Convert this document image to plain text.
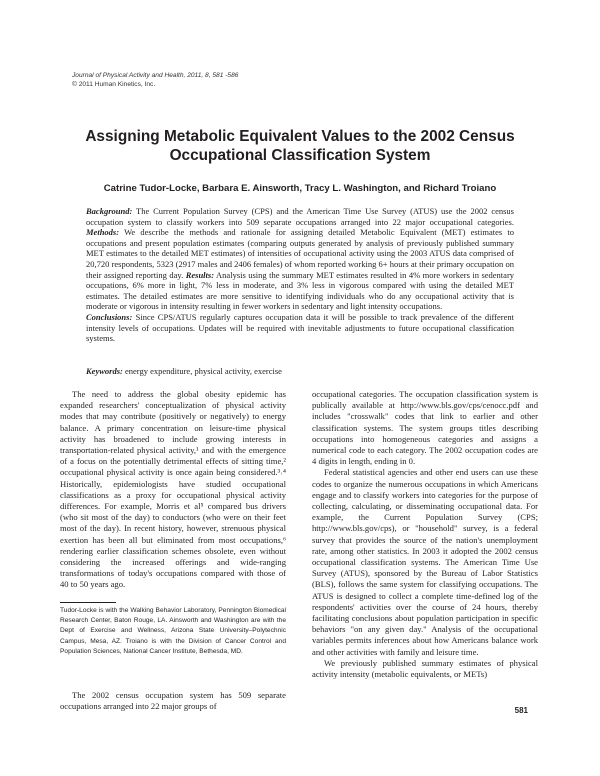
Journal of Physical Activity and Health, 2011, 8, 581 -586
© 2011 Human Kinetics, Inc.
Assigning Metabolic Equivalent Values to the 2002 Census Occupational Classification System
Catrine Tudor-Locke, Barbara E. Ainsworth, Tracy L. Washington, and Richard Troiano

Background: The Current Population Survey (CPS) and the American Time Use Survey (ATUS) use the 2002 census occupation system to classify workers into 509 separate occupations arranged into 22 major occupational categories. Methods: We describe the methods and rationale for assigning detailed Metabolic Equivalent (MET) estimates to occupations and present population estimates (comparing outputs generated by analysis of previously published summary MET estimates to the detailed MET estimates) of intensities of occupational activity using the 2003 ATUS data comprised of 20,720 respondents, 5323 (2917 males and 2406 females) of whom reported working 6+ hours at their primary occupation on their assigned reporting day. Results: Analysis using the summary MET estimates resulted in 4% more workers in sedentary occupations, 6% more in light, 7% less in moderate, and 3% less in vigorous compared with using the detailed MET estimates. The detailed estimates are more sensitive to identifying individuals who do any occupational activity that is moderate or vigorous in intensity resulting in fewer workers in sedentary and light intensity occupations.
Conclusions: Since CPS/ATUS regularly captures occupation data it will be possible to track prevalence of the different intensity levels of occupations. Updates will be required with inevitable adjustments to future occupational classification systems.

Keywords: energy expenditure, physical activity, exercise

The need to address the global obesity epidemic has expanded researchers' conceptualization of physical activity modes that may contribute (positively or negatively) to energy balance. A primary concentration on leisure-time physical activity has broadened to include growing interests in transportation-related physical activity,¹ and with the emergence of a focus on the potentially detrimental effects of sitting time,² occupational physical activity is once again being considered.³˒⁴ Historically, epidemiologists have studied occupational classifications as a proxy for occupational physical activity differences. For example, Morris et al⁵ compared bus drivers (who sit most of the day) to conductors (who were on their feet most of the day). In recent history, however, strenuous physical exertion has been all but eliminated from most occupations,⁶ rendering earlier classification schemes obsolete, even without considering the increased offerings and wide-ranging transformations of today's occupations compared with those of 40 to 50 years ago.

Tudor-Locke is with the Walking Behavior Laboratory, Pennington Biomedical Research Center, Baton Rouge, LA. Ainsworth and Washington are with the Dept of Exercise and Wellness, Arizona State University–Polytechnic Campus, Mesa, AZ. Troiano is with the Division of Cancer Control and Population Sciences, National Cancer Institute, Bethesda, MD.

The 2002 census occupation system has 509 separate occupations arranged into 22 major groups of

occupational categories. The occupation classification system is publically available at http://www.bls.gov/cps/cenocc.pdf and includes "crosswalk" codes that link to earlier and other classification systems. The system groups titles describing occupations into homogeneous categories and assigns a numerical code to each category. The 2002 occupation codes are 4 digits in length, ending in 0.

Federal statistical agencies and other end users can use these codes to organize the numerous occupations in which Americans engage and to classify workers into categories for the purpose of collecting, calculating, or disseminating occupational data. For example, the Current Population Survey (CPS; http://www.bls.gov/cps), or "household" survey, is a federal survey that provides the source of the nation's unemployment rate, among other statistics. In 2003 it adopted the 2002 census occupational classification systems. The American Time Use Survey (ATUS), sponsored by the Bureau of Labor Statistics (BLS), follows the same system for classifying occupations. The ATUS is designed to collect a complete time-defined log of the respondents' activities over the course of 24 hours, thereby facilitating conclusions about population participation in specific behaviors "on any given day." Analysis of the occupational variables permits inferences about how Americans balance work and other activities with family and leisure time.

We previously published summary estimates of physical activity intensity (metabolic equivalents, or METs)

581
